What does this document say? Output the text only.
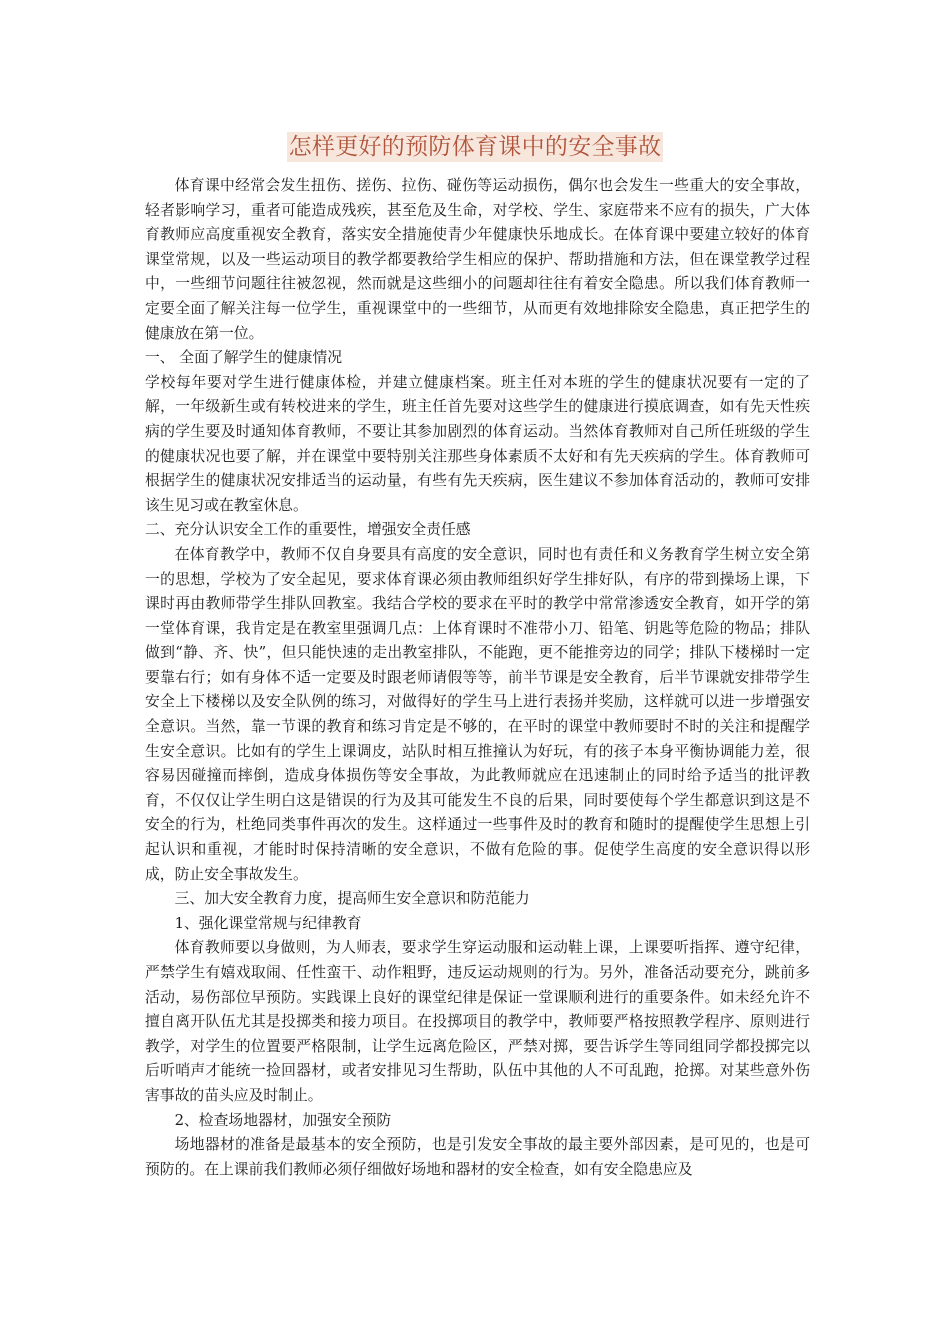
怎样更好的预防体育课中的安全事故

体育课中经常会发生扭伤、搓伤、拉伤、碰伤等运动损伤，偶尔也会发生一些重大的安全事故，轻者影响学习，重者可能造成残疾，甚至危及生命，对学校、学生、家庭带来不应有的损失，广大体育教师应高度重视安全教育，落实安全措施使青少年健康快乐地成长。在体育课中要建立较好的体育课堂常规，以及一些运动项目的教学都要教给学生相应的保护、帮助措施和方法，但在课堂教学过程中，一些细节问题往往被忽视，然而就是这些细小的问题却往往有着安全隐患。所以我们体育教师一定要全面了解关注每一位学生，重视课堂中的一些细节，从而更有效地排除安全隐患，真正把学生的健康放在第一位。

一、 全面了解学生的健康情况

学校每年要对学生进行健康体检，并建立健康档案。班主任对本班的学生的健康状况要有一定的了解，一年级新生或有转校进来的学生，班主任首先要对这些学生的健康进行摸底调查，如有先天性疾病的学生要及时通知体育教师，不要让其参加剧烈的体育运动。当然体育教师对自己所任班级的学生的健康状况也要了解，并在课堂中要特别关注那些身体素质不太好和有先天疾病的学生。体育教师可根据学生的健康状况安排适当的运动量，有些有先天疾病，医生建议不参加体育活动的，教师可安排该生见习或在教室休息。

二、充分认识安全工作的重要性，增强安全责任感

在体育教学中，教师不仅自身要具有高度的安全意识，同时也有责任和义务教育学生树立安全第一的思想，学校为了安全起见，要求体育课必须由教师组织好学生排好队，有序的带到操场上课，下课时再由教师带学生排队回教室。我结合学校的要求在平时的教学中常常渗透安全教育，如开学的第一堂体育课，我肯定是在教室里强调几点：上体育课时不准带小刀、铅笔、钥匙等危险的物品；排队做到“静、齐、快”，但只能快速的走出教室排队，不能跑，更不能推旁边的同学；排队下楼梯时一定要靠右行；如有身体不适一定要及时跟老师请假等等，前半节课是安全教育，后半节课就安排带学生安全上下楼梯以及安全队例的练习，对做得好的学生马上进行表扬并奖励，这样就可以进一步增强安全意识。当然，靠一节课的教育和练习肯定是不够的，在平时的课堂中教师要时不时的关注和提醒学生安全意识。比如有的学生上课调皮，站队时相互推撞认为好玩，有的孩子本身平衡协调能力差，很容易因碰撞而摔倒，造成身体损伤等安全事故，为此教师就应在迅速制止的同时给予适当的批评教育，不仅仅让学生明白这是错误的行为及其可能发生不良的后果，同时要使每个学生都意识到这是不安全的行为，杜绝同类事件再次的发生。这样通过一些事件及时的教育和随时的提醒使学生思想上引起认识和重视，才能时时保持清晰的安全意识，不做有危险的事。促使学生高度的安全意识得以形成，防止安全事故发生。

三、加大安全教育力度，提高师生安全意识和防范能力

1、强化课堂常规与纪律教育

体育教师要以身做则，为人师表，要求学生穿运动服和运动鞋上课，上课要听指挥、遵守纪律，严禁学生有嬉戏取闹、任性蛮干、动作粗野，违反运动规则的行为。另外，准备活动要充分，跳前多活动，易伤部位早预防。实践课上良好的课堂纪律是保证一堂课顺利进行的重要条件。如未经允许不擅自离开队伍尤其是投掷类和接力项目。在投掷项目的教学中，教师要严格按照教学程序、原则进行教学，对学生的位置要严格限制，让学生远离危险区，严禁对掷，要告诉学生等同组同学都投掷完以后听哨声才能统一捡回器材，或者安排见习生帮助，队伍中其他的人不可乱跑，抢掷。对某些意外伤害事故的苗头应及时制止。

2、检查场地器材，加强安全预防

场地器材的准备是最基本的安全预防，也是引发安全事故的最主要外部因素，是可见的，也是可预防的。在上课前我们教师必须仔细做好场地和器材的安全检查，如有安全隐患应及
